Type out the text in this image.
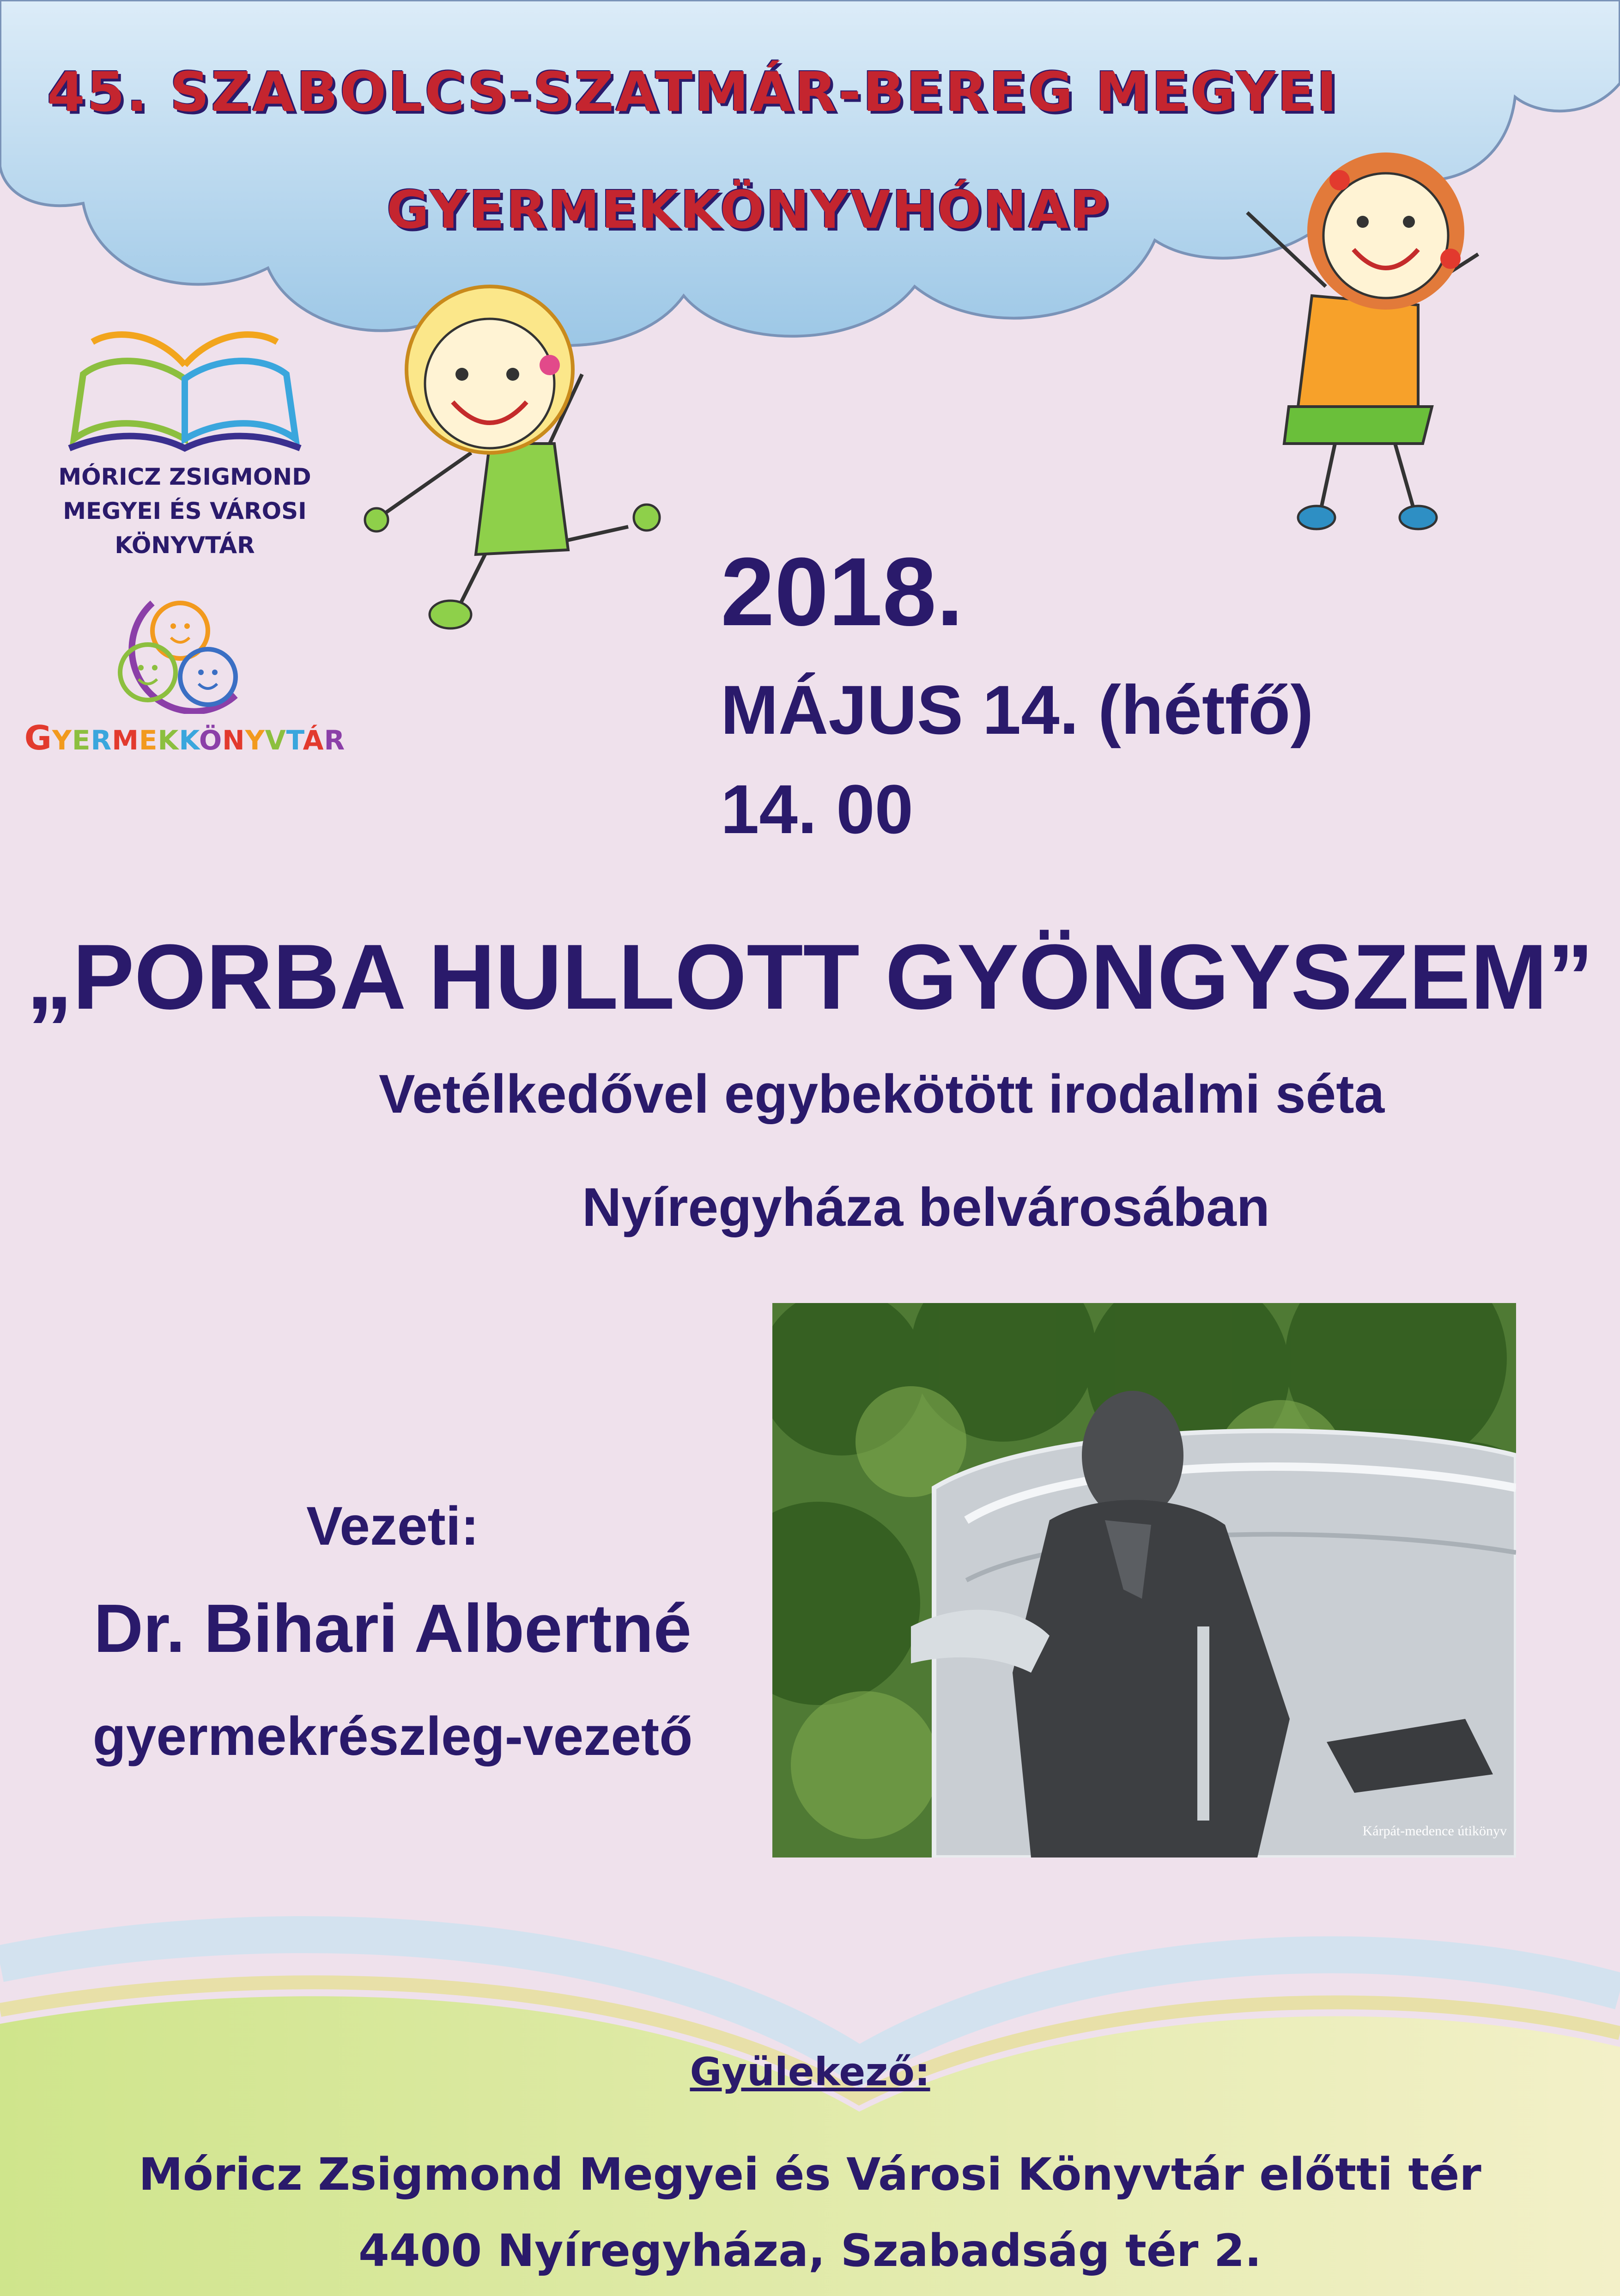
45. SZABOLCS-SZATMÁR-BEREG MEGYEI
GYERMEKKÖNYVHÓNAP
MÓRICZ ZSIGMOND
MEGYEI ÉS VÁROSI
KÖNYVTÁR
GYERMEKKÖNYVTÁR
2018.
MÁJUS 14. (hétfő)
14. 00
„PORBA HULLOTT GYÖNGYSZEM”
Vetélkedővel egybekötött irodalmi séta
Nyíregyháza belvárosában
Kárpát-medence útikönyv
Vezeti:
Dr. Bihari Albertné
gyermekrészleg-vezető
Gyülekező:
Móricz Zsigmond Megyei és Városi Könyvtár előtti tér
4400 Nyíregyháza, Szabadság tér 2.
